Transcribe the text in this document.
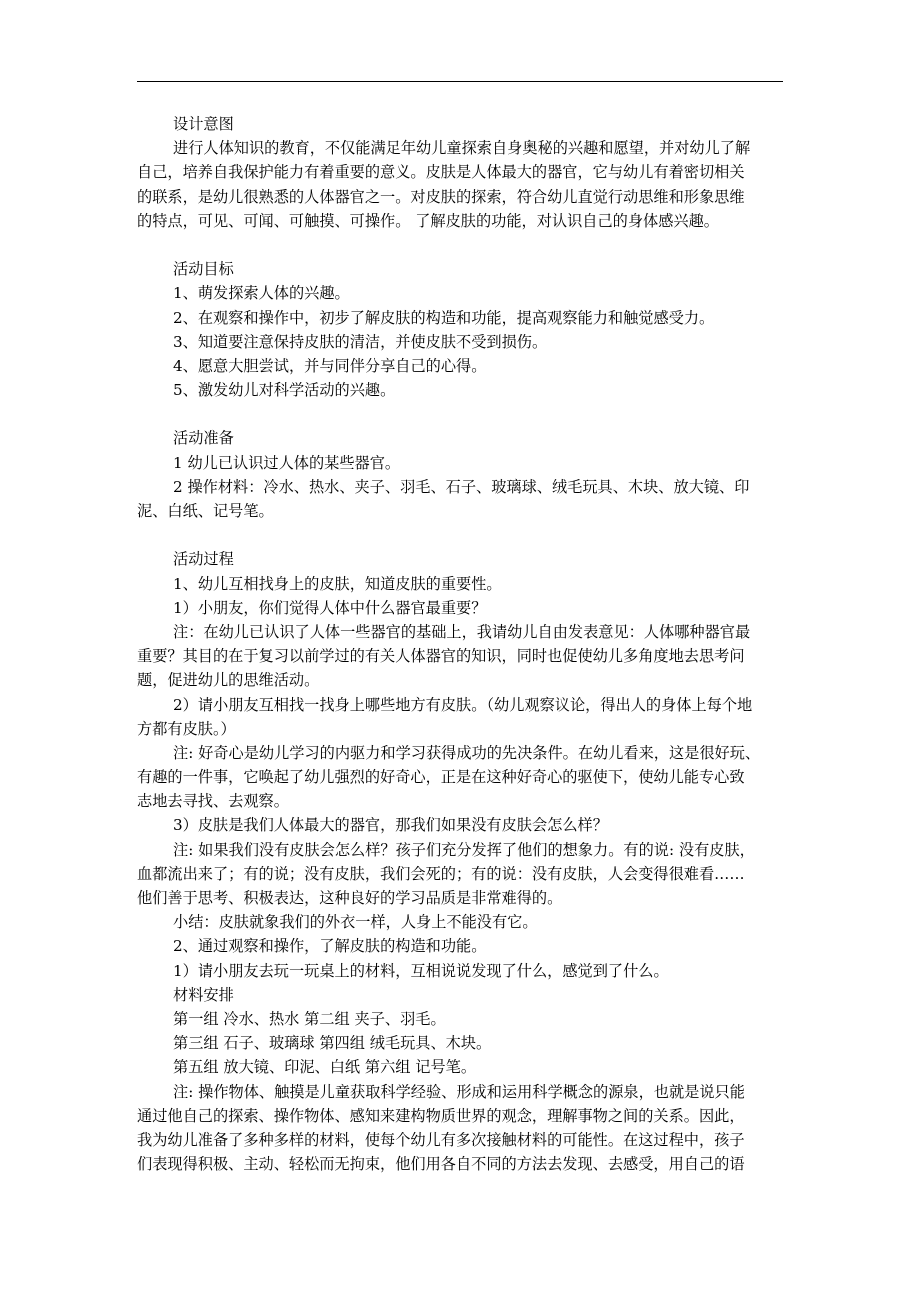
设计意图
进行人体知识的教育，不仅能满足年幼儿童探索自身奥秘的兴趣和愿望，并对幼儿了解
自己，培养自我保护能力有着重要的意义。皮肤是人体最大的器官，它与幼儿有着密切相关
的联系，是幼儿很熟悉的人体器官之一。对皮肤的探索，符合幼儿直觉行动思维和形象思维
的特点，可见、可闻、可触摸、可操作。 了解皮肤的功能，对认识自己的身体感兴趣。
活动目标
1、萌发探索人体的兴趣。
2、在观察和操作中，初步了解皮肤的构造和功能，提高观察能力和触觉感受力。
3、知道要注意保持皮肤的清洁，并使皮肤不受到损伤。
4、愿意大胆尝试，并与同伴分享自己的心得。
5、激发幼儿对科学活动的兴趣。
活动准备
1 幼儿已认识过人体的某些器官。
2 操作材料：冷水、热水、夹子、羽毛、石子、玻璃球、绒毛玩具、木块、放大镜、印
泥、白纸、记号笔。
活动过程
1、幼儿互相找身上的皮肤，知道皮肤的重要性。
1）小朋友，你们觉得人体中什么器官最重要？
注：在幼儿已认识了人体一些器官的基础上，我请幼儿自由发表意见：人体哪种器官最
重要？其目的在于复习以前学过的有关人体器官的知识，同时也促使幼儿多角度地去思考问
题，促进幼儿的思维活动。
2）请小朋友互相找一找身上哪些地方有皮肤。（幼儿观察议论，得出人的身体上每个地
方都有皮肤。）
注: 好奇心是幼儿学习的内驱力和学习获得成功的先决条件。在幼儿看来，这是很好玩、
有趣的一件事，它唤起了幼儿强烈的好奇心，正是在这种好奇心的驱使下，使幼儿能专心致
志地去寻找、去观察。
3）皮肤是我们人体最大的器官，那我们如果没有皮肤会怎么样？
注: 如果我们没有皮肤会怎么样？孩子们充分发挥了他们的想象力。有的说: 没有皮肤，
血都流出来了；有的说；没有皮肤，我们会死的；有的说：没有皮肤，人会变得很难看……
他们善于思考、积极表达，这种良好的学习品质是非常难得的。
小结：皮肤就象我们的外衣一样，人身上不能没有它。
2、通过观察和操作，了解皮肤的构造和功能。
1）请小朋友去玩一玩桌上的材料，互相说说发现了什么，感觉到了什么。
材料安排
第一组 冷水、热水 第二组 夹子、羽毛。
第三组 石子、玻璃球 第四组 绒毛玩具、木块。
第五组 放大镜、印泥、白纸 第六组 记号笔。
注: 操作物体、触摸是儿童获取科学经验、形成和运用科学概念的源泉，也就是说只能
通过他自己的探索、操作物体、感知来建构物质世界的观念，理解事物之间的关系。因此，
我为幼儿准备了多种多样的材料，使每个幼儿有多次接触材料的可能性。在这过程中，孩子
们表现得积极、主动、轻松而无拘束，他们用各自不同的方法去发现、去感受，用自己的语
